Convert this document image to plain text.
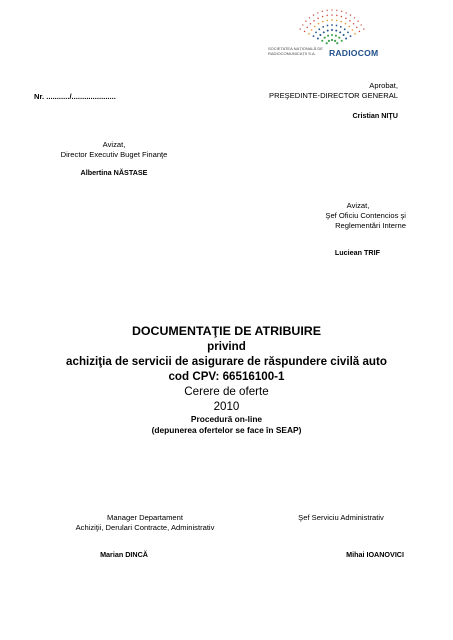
SOCIETATEA NAȚIONALĂ DE RADIOCOMUNICAȚII S.A.	RADIOCOM
Nr. .........../.....................
Aprobat,
PREŞEDINTE-DIRECTOR GENERAL
Cristian NIŢU
Avizat,
Director Executiv Buget Finanţe
Albertina NĂSTASE
Avizat,
Şef Oficiu Contencios şi
Reglementări Interne
Luciean TRIF
DOCUMENTAŢIE DE ATRIBUIRE
privind
achiziţia de servicii de asigurare de răspundere civilă auto
cod CPV: 66516100-1
Cerere de oferte
2010
Procedură on-line
(depunerea ofertelor se face în SEAP)
Manager Departament
Achiziţii, Derulari Contracte, Administrativ
Marian DINCĂ
Şef Serviciu Administrativ
Mihai IOANOVICI
